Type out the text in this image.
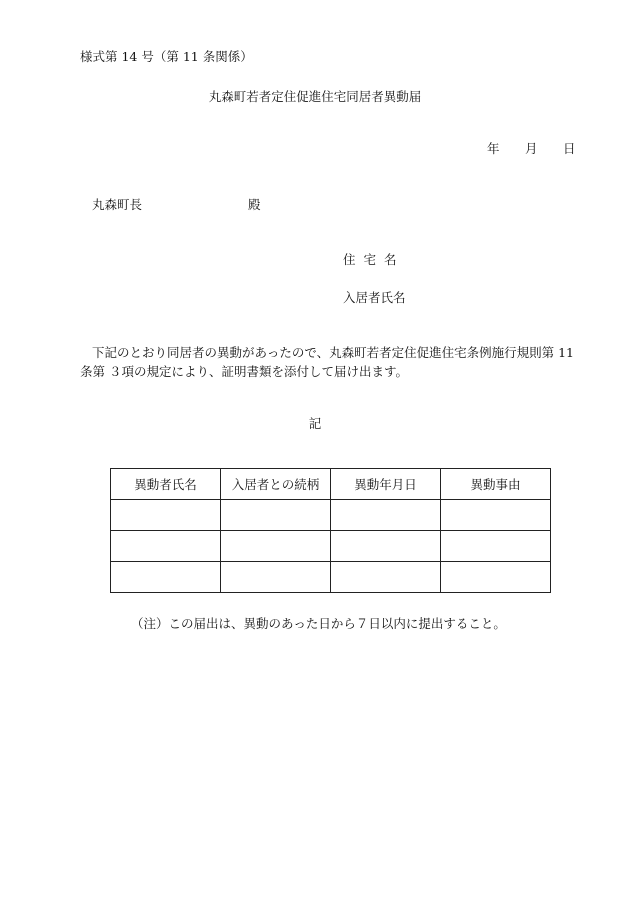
様式第 14 号（第 11 条関係）
丸森町若者定住促進住宅同居者異動届
年 月 日
丸森町長	殿
住宅名
入居者氏名
下記のとおり同居者の異動があったので、丸森町若者定住促進住宅条例施行規則第 11 条第 ３項の規定により、証明書類を添付して届け出ます。
記
異動者氏名	入居者との続柄	異動年月日	異動事由

（注）この届出は、異動のあった日から７日以内に提出すること。
